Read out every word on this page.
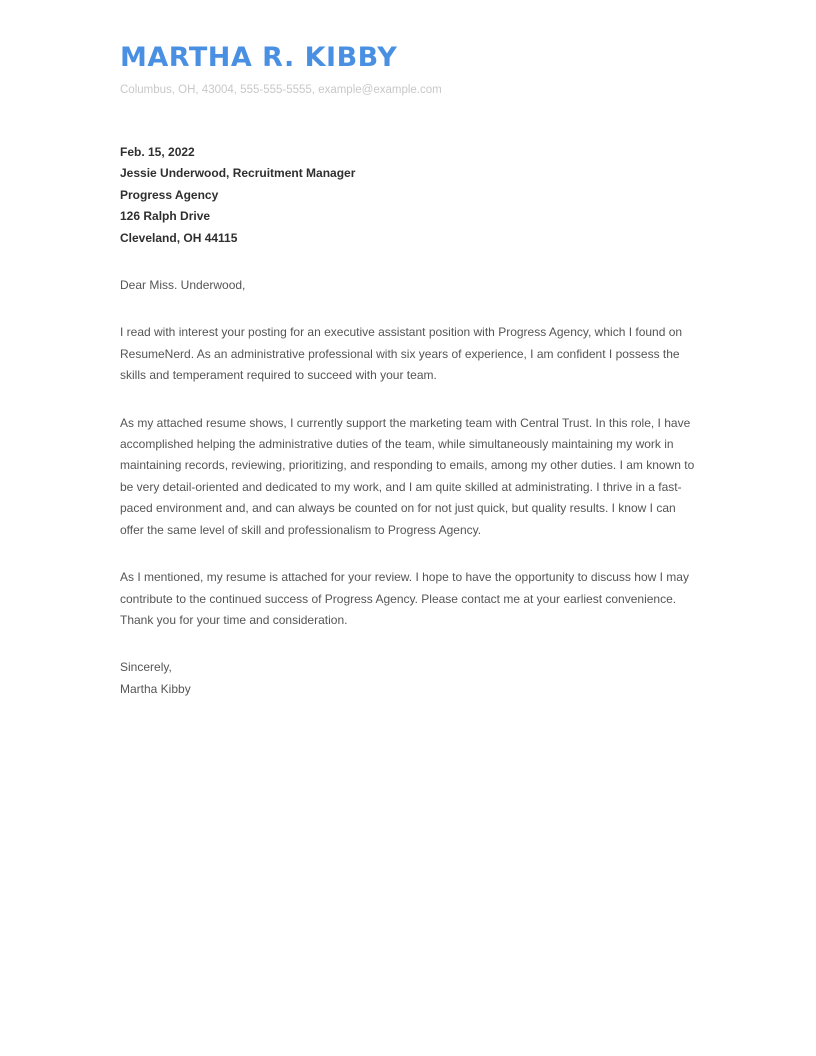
MARTHA R. KIBBY
Columbus, OH, 43004, 555-555-5555, example@example.com
Feb. 15, 2022
Jessie Underwood, Recruitment Manager
Progress Agency
126 Ralph Drive
Cleveland, OH 44115
Dear Miss. Underwood,

I read with interest your posting for an executive assistant position with Progress Agency, which I found on ResumeNerd. As an administrative professional with six years of experience, I am confident I possess the skills and temperament required to succeed with your team.

As my attached resume shows, I currently support the marketing team with Central Trust. In this role, I have accomplished helping the administrative duties of the team, while simultaneously maintaining my work in maintaining records, reviewing, prioritizing, and responding to emails, among my other duties. I am known to be very detail-oriented and dedicated to my work, and I am quite skilled at administrating. I thrive in a fast-paced environment and, and can always be counted on for not just quick, but quality results. I know I can offer the same level of skill and professionalism to Progress Agency.

As I mentioned, my resume is attached for your review. I hope to have the opportunity to discuss how I may contribute to the continued success of Progress Agency. Please contact me at your earliest convenience. Thank you for your time and consideration.

Sincerely,
Martha Kibby
